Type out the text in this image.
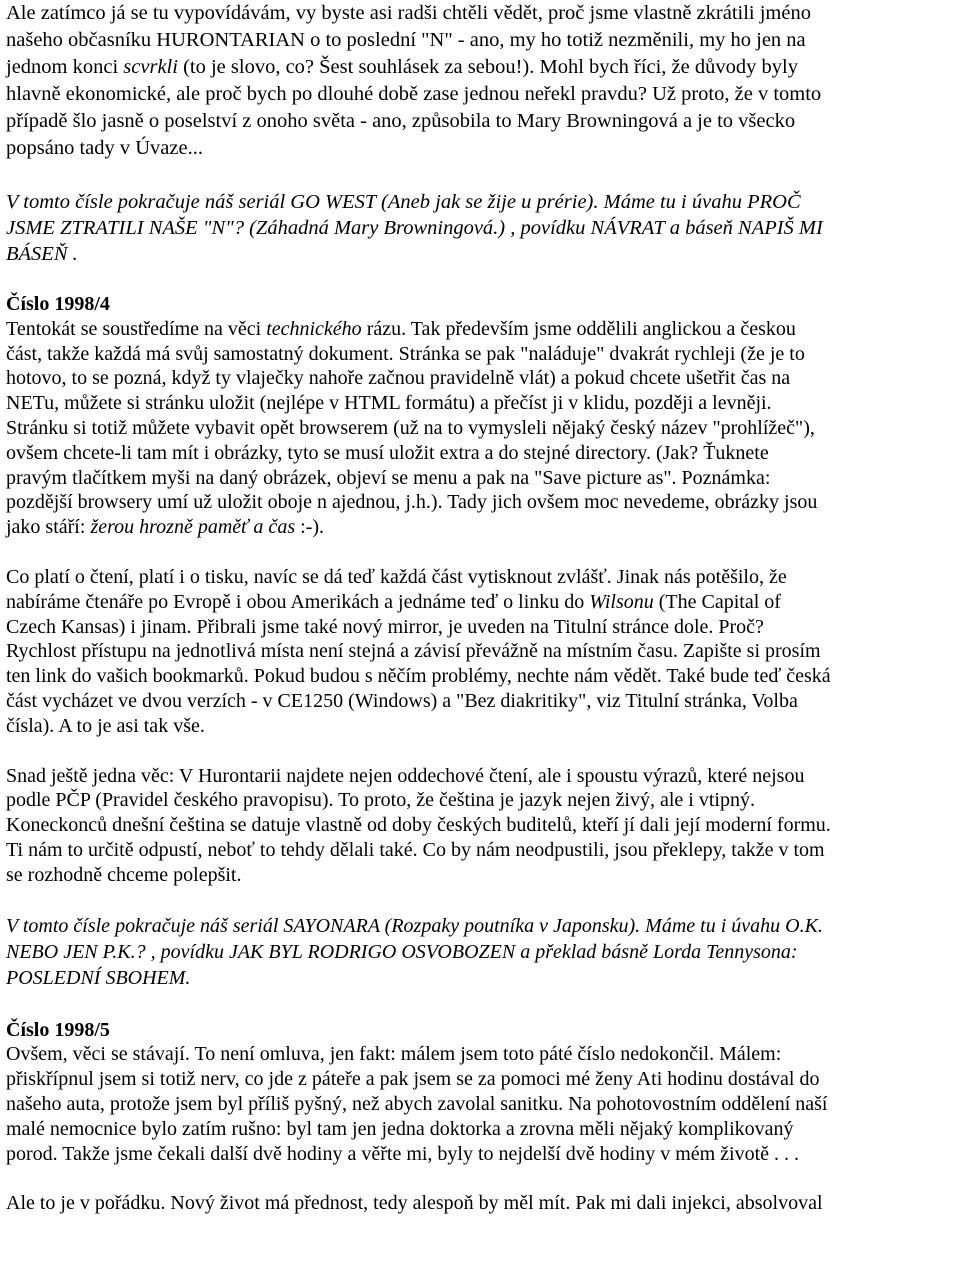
Ale zatímco já se tu vypovídávám, vy byste asi radši chtěli vědět, proč jsme vlastně zkrátili jméno
našeho občasníku HURONTARIAN o to poslední "N" - ano, my ho totiž nezměnili, my ho jen na
jednom konci scvrkli (to je slovo, co? Šest souhlásek za sebou!). Mohl bych říci, že důvody byly
hlavně ekonomické, ale proč bych po dlouhé době zase jednou neřekl pravdu? Už proto, že v tomto
případě šlo jasně o poselství z onoho světa - ano, způsobila to Mary Browningová a je to všecko
popsáno tady v Úvaze...
V tomto čísle pokračuje náš seriál GO WEST (Aneb jak se žije u prérie). Máme tu i úvahu PROČ
JSME ZTRATILI NAŠE "N"? (Záhadná Mary Browningová.) , povídku NÁVRAT a báseň NAPIŠ MI
BÁSEŇ .
Číslo 1998/4
Tentokát se soustředíme na věci technického rázu. Tak především jsme oddělili anglickou a českou
část, takže každá má svůj samostatný dokument. Stránka se pak "naláduje" dvakrát rychleji (že je to
hotovo, to se pozná, když ty vlaječky nahoře začnou pravidelně vlát) a pokud chcete ušetřit čas na
NETu, můžete si stránku uložit (nejlépe v HTML formátu) a přečíst ji v klidu, později a levněji.
Stránku si totiž můžete vybavit opět browserem (už na to vymysleli nějaký český název "prohlížeč"),
ovšem chcete-li tam mít i obrázky, tyto se musí uložit extra a do stejné directory. (Jak? Ťuknete
pravým tlačítkem myši na daný obrázek, objeví se menu a pak na "Save picture as". Poznámka:
pozdější browsery umí už uložit oboje n ajednou, j.h.). Tady jich ovšem moc nevedeme, obrázky jsou
jako stáří: žerou hrozně paměť a čas :-).
Co platí o čtení, platí i o tisku, navíc se dá teď každá část vytisknout zvlášť. Jinak nás potěšilo, že
nabíráme čtenáře po Evropě i obou Amerikách a jednáme teď o linku do Wilsonu (The Capital of
Czech Kansas) i jinam. Přibrali jsme také nový mirror, je uveden na Titulní stránce dole. Proč?
Rychlost přístupu na jednotlivá místa není stejná a závisí převážně na místním času. Zapište si prosím
ten link do vašich bookmarků. Pokud budou s něčím problémy, nechte nám vědět. Také bude teď česká
část vycházet ve dvou verzích - v CE1250 (Windows) a "Bez diakritiky", viz Titulní stránka, Volba
čísla). A to je asi tak vše.
Snad ještě jedna věc: V Hurontarii najdete nejen oddechové čtení, ale i spoustu výrazů, které nejsou
podle PČP (Pravidel českého pravopisu). To proto, že čeština je jazyk nejen živý, ale i vtipný.
Koneckonců dnešní čeština se datuje vlastně od doby českých buditelů, kteří jí dali její moderní formu.
Ti nám to určitě odpustí, neboť to tehdy dělali také. Co by nám neodpustili, jsou překlepy, takže v tom
se rozhodně chceme polepšit.
V tomto čísle pokračuje náš seriál SAYONARA (Rozpaky poutníka v Japonsku). Máme tu i úvahu O.K.
NEBO JEN P.K.? , povídku JAK BYL RODRIGO OSVOBOZEN a překlad básně Lorda Tennysona:
POSLEDNÍ SBOHEM.
Číslo 1998/5
Ovšem, věci se stávají. To není omluva, jen fakt: málem jsem toto páté číslo nedokončil. Málem:
přiskřípnul jsem si totiž nerv, co jde z páteře a pak jsem se za pomoci mé ženy Ati hodinu dostával do
našeho auta, protože jsem byl příliš pyšný, než abych zavolal sanitku. Na pohotovostním oddělení naší
malé nemocnice bylo zatím rušno: byl tam jen jedna doktorka a zrovna měli nějaký komplikovaný
porod. Takže jsme čekali další dvě hodiny a věřte mi, byly to nejdelší dvě hodiny v mém životě . . .
Ale to je v pořádku. Nový život má přednost, tedy alespoň by měl mít. Pak mi dali injekci, absolvoval
